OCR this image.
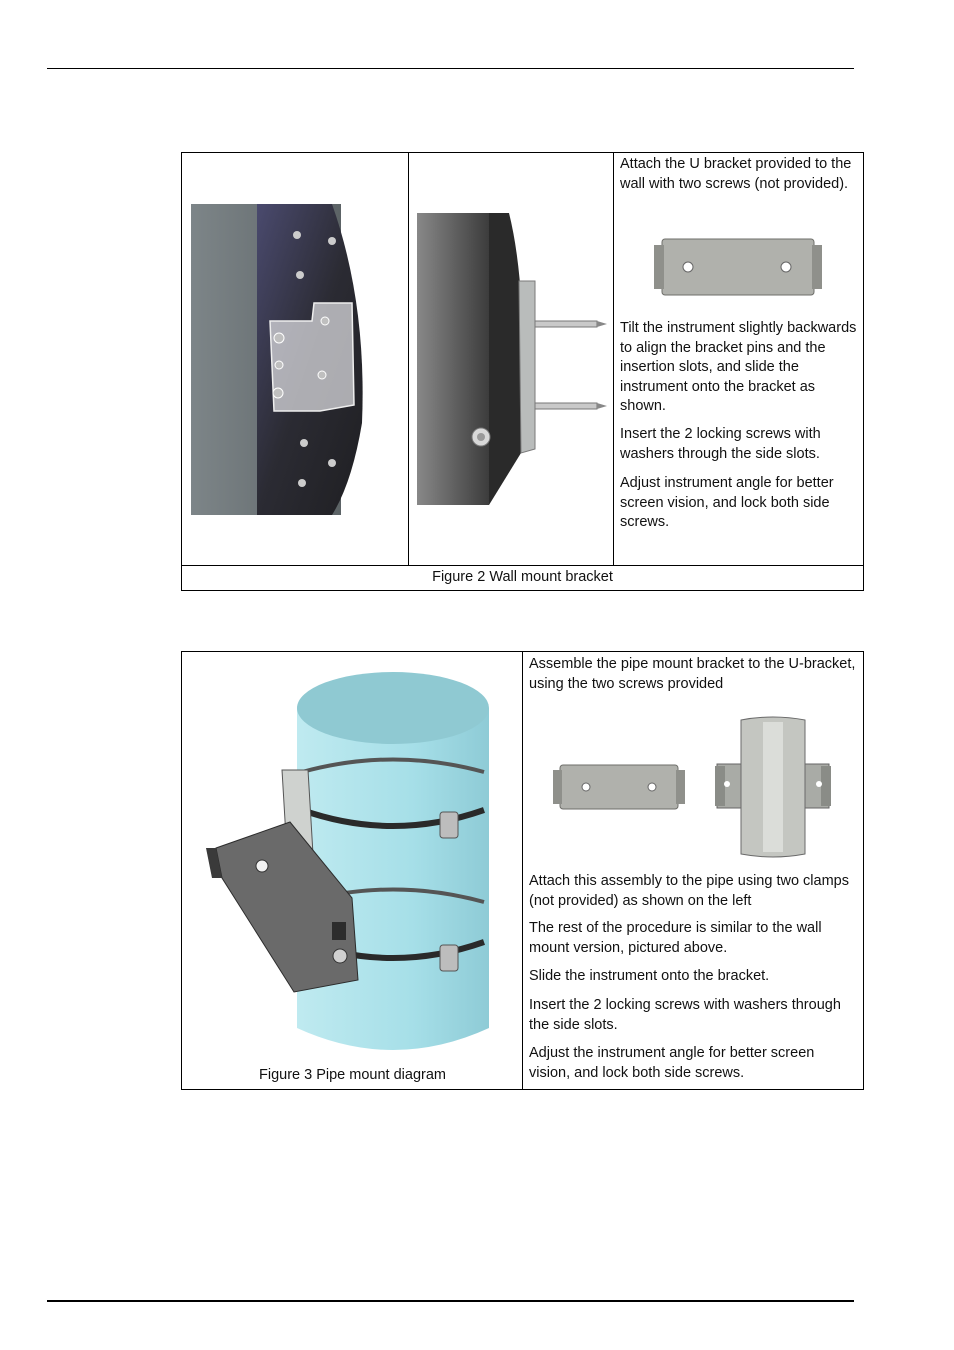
Attach the U bracket provided to the wall with two screws (not provided).

Tilt the instrument slightly backwards to align the bracket pins and the insertion slots, and slide the instrument onto the bracket as shown.

Insert the 2 locking screws with washers through the side slots.

Adjust instrument angle for better screen vision, and lock both side screws.

Figure 2 Wall mount bracket
Figure 3 Pipe mount diagram

Assemble the pipe mount bracket to the U-bracket, using the two screws provided

Attach this assembly to the pipe using two clamps (not provided) as shown on the left

The rest of the procedure is similar to the wall mount version, pictured above.

Slide the instrument onto the bracket.

Insert the 2 locking screws with washers through the side slots.

Adjust the instrument angle for better screen vision, and lock both side screws.
